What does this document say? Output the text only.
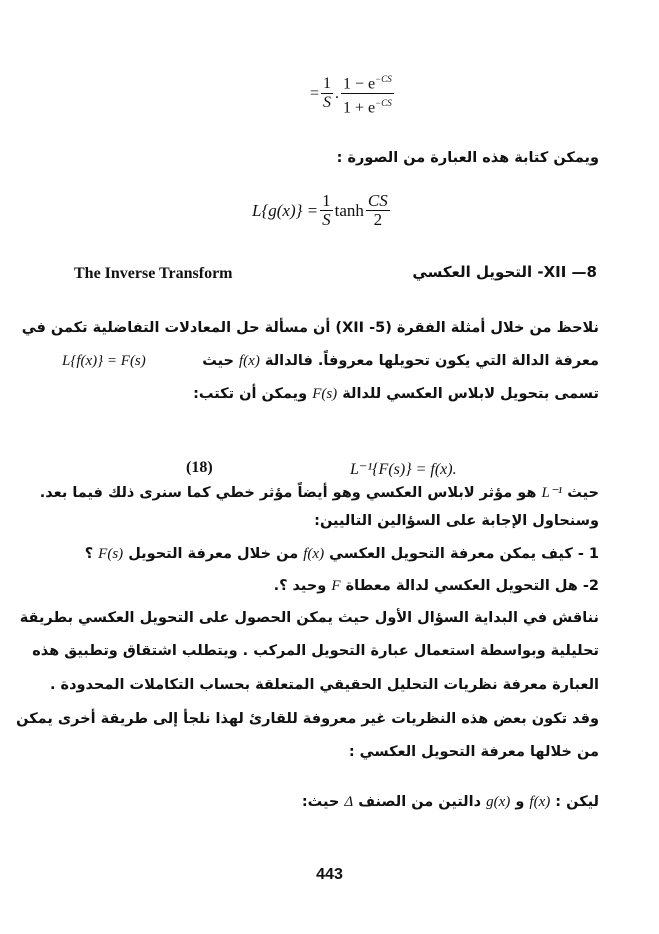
= $\frac{1}{S}$ . $\frac{1 - e^{-CS}}{1 + e^{-CS}}$
ويمكن كتابة هذه العبارة من الصورة :
$L\{g(x)\} = \frac{1}{S}$ $\tanh \frac{CS}{2}$
The Inverse Transform	XII —8- التحويل العكسي
نلاحظ من خلال أمثلة الفقرة (XII -5) أن مسألة حل المعادلات التفاضلية تكمن في
معرفة الدالة التي يكون تحويلها معروفاً. فالدالة f(x) حيث
L{f(x)} = F(s)
تسمى بتحويل لابلاس العكسي للدالة F(s) ويمكن أن تكتب:
(18)	L⁻¹{F(s)} = f(x).
حيث L⁻¹ هو مؤثر لابلاس العكسي وهو أيضاً مؤثر خطي كما سنرى ذلك فيما بعد.
وسنحاول الإجابة على السؤالين التاليين:
1 - كيف يمكن معرفة التحويل العكسي f(x) من خلال معرفة التحويل F(s) ؟
2- هل التحويل العكسي لدالة معطاة F وحيد ؟.
نناقش في البداية السؤال الأول حيث يمكن الحصول على التحويل العكسي بطريقة
تحليلية وبواسطة استعمال عبارة التحويل المركب . ويتطلب اشتقاق وتطبيق هذه
العبارة معرفة نظريات التحليل الحقيقي المتعلقة بحساب التكاملات المحدودة .
وقد تكون بعض هذه النظريات غير معروفة للقارئ لهذا نلجأ إلى طريقة أخرى يمكن
من خلالها معرفة التحويل العكسي :
ليكن : f(x) و g(x) دالتين من الصنف Δ حيث:
443
